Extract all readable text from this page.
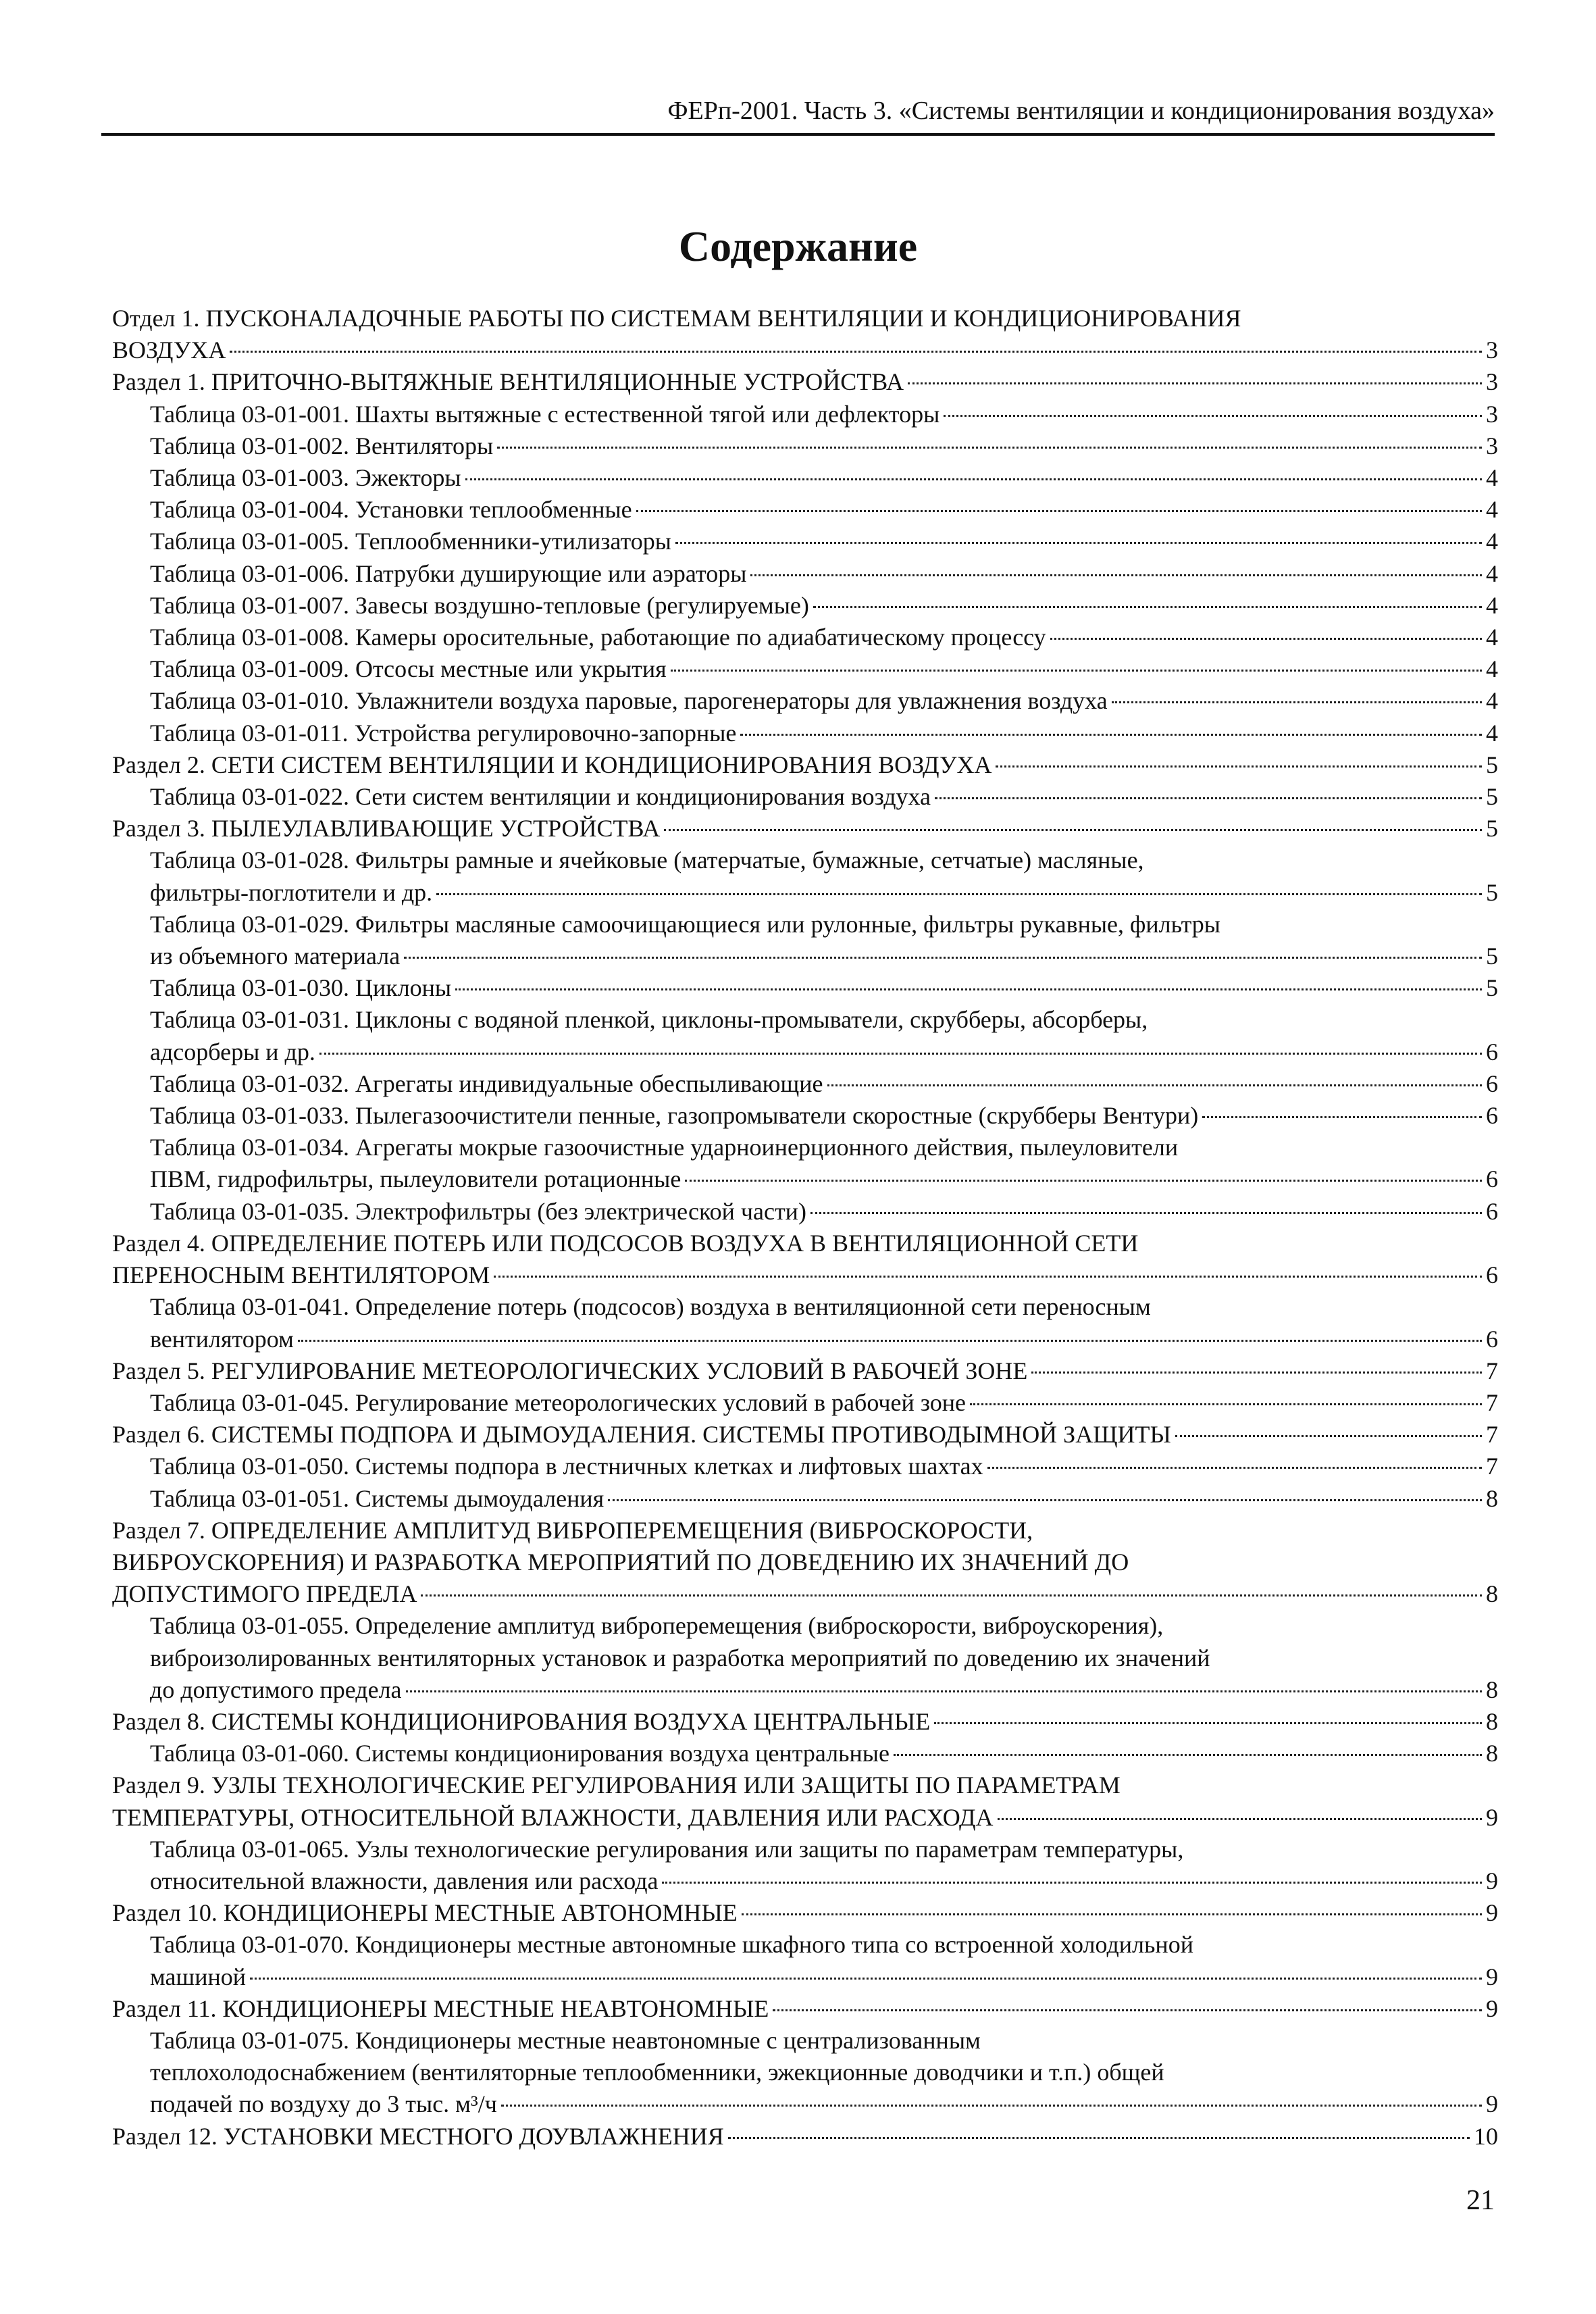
ФЕРп-2001. Часть 3. «Системы вентиляции и кондиционирования воздуха»
Содержание
Отдел 1. ПУСКОНАЛАДОЧНЫЕ РАБОТЫ ПО СИСТЕМАМ ВЕНТИЛЯЦИИ И КОНДИЦИОНИРОВАНИЯ
ВОЗДУХА	3
Раздел 1. ПРИТОЧНО-ВЫТЯЖНЫЕ ВЕНТИЛЯЦИОННЫЕ УСТРОЙСТВА	3
Таблица 03-01-001. Шахты вытяжные с естественной тягой или дефлекторы	3
Таблица 03-01-002. Вентиляторы	3
Таблица 03-01-003. Эжекторы	4
Таблица 03-01-004. Установки теплообменные	4
Таблица 03-01-005. Теплообменники-утилизаторы	4
Таблица 03-01-006. Патрубки душирующие или аэраторы	4
Таблица 03-01-007. Завесы воздушно-тепловые (регулируемые)	4
Таблица 03-01-008. Камеры оросительные, работающие по адиабатическому процессу	4
Таблица 03-01-009. Отсосы местные или укрытия	4
Таблица 03-01-010. Увлажнители воздуха паровые, парогенераторы для увлажнения воздуха	4
Таблица 03-01-011. Устройства регулировочно-запорные	4
Раздел 2. СЕТИ СИСТЕМ ВЕНТИЛЯЦИИ И КОНДИЦИОНИРОВАНИЯ ВОЗДУХА	5
Таблица 03-01-022. Сети систем вентиляции и кондиционирования воздуха	5
Раздел 3. ПЫЛЕУЛАВЛИВАЮЩИЕ УСТРОЙСТВА	5
Таблица 03-01-028. Фильтры рамные и ячейковые (матерчатые, бумажные, сетчатые) масляные,
фильтры-поглотители и др.	5
Таблица 03-01-029. Фильтры масляные самоочищающиеся или рулонные, фильтры рукавные, фильтры
из объемного материала	5
Таблица 03-01-030. Циклоны	5
Таблица 03-01-031. Циклоны с водяной пленкой, циклоны-промыватели, скрубберы, абсорберы,
адсорберы и др.	6
Таблица 03-01-032. Агрегаты индивидуальные обеспыливающие	6
Таблица 03-01-033. Пылегазоочистители пенные, газопромыватели скоростные (скрубберы Вентури)	6
Таблица 03-01-034. Агрегаты мокрые газоочистные ударноинерционного действия, пылеуловители
ПВМ, гидрофильтры, пылеуловители ротационные	6
Таблица 03-01-035. Электрофильтры (без электрической части)	6
Раздел 4. ОПРЕДЕЛЕНИЕ ПОТЕРЬ ИЛИ ПОДСОСОВ ВОЗДУХА В ВЕНТИЛЯЦИОННОЙ СЕТИ
ПЕРЕНОСНЫМ ВЕНТИЛЯТОРОМ	6
Таблица 03-01-041. Определение потерь (подсосов) воздуха в вентиляционной сети переносным
вентилятором	6
Раздел 5. РЕГУЛИРОВАНИЕ МЕТЕОРОЛОГИЧЕСКИХ УСЛОВИЙ В РАБОЧЕЙ ЗОНЕ	7
Таблица 03-01-045. Регулирование метеорологических условий в рабочей зоне	7
Раздел 6. СИСТЕМЫ ПОДПОРА И ДЫМОУДАЛЕНИЯ. СИСТЕМЫ ПРОТИВОДЫМНОЙ ЗАЩИТЫ	7
Таблица 03-01-050. Системы подпора в лестничных клетках и лифтовых шахтах	7
Таблица 03-01-051. Системы дымоудаления	8
Раздел 7. ОПРЕДЕЛЕНИЕ АМПЛИТУД ВИБРОПЕРЕМЕЩЕНИЯ (ВИБРОСКОРОСТИ,
ВИБРОУСКОРЕНИЯ) И РАЗРАБОТКА МЕРОПРИЯТИЙ ПО ДОВЕДЕНИЮ ИХ ЗНАЧЕНИЙ ДО
ДОПУСТИМОГО ПРЕДЕЛА	8
Таблица 03-01-055. Определение амплитуд виброперемещения (виброскорости, виброускорения),
виброизолированных вентиляторных установок и разработка мероприятий по доведению их значений
до допустимого предела	8
Раздел 8. СИСТЕМЫ КОНДИЦИОНИРОВАНИЯ ВОЗДУХА ЦЕНТРАЛЬНЫЕ	8
Таблица 03-01-060. Системы кондиционирования воздуха центральные	8
Раздел 9. УЗЛЫ ТЕХНОЛОГИЧЕСКИЕ РЕГУЛИРОВАНИЯ ИЛИ ЗАЩИТЫ ПО ПАРАМЕТРАМ
ТЕМПЕРАТУРЫ, ОТНОСИТЕЛЬНОЙ ВЛАЖНОСТИ, ДАВЛЕНИЯ ИЛИ РАСХОДА	9
Таблица 03-01-065. Узлы технологические регулирования или защиты по параметрам температуры,
относительной влажности, давления или расхода	9
Раздел 10. КОНДИЦИОНЕРЫ МЕСТНЫЕ АВТОНОМНЫЕ	9
Таблица 03-01-070. Кондиционеры местные автономные шкафного типа со встроенной холодильной
машиной	9
Раздел 11. КОНДИЦИОНЕРЫ МЕСТНЫЕ НЕАВТОНОМНЫЕ	9
Таблица 03-01-075. Кондиционеры местные неавтономные с централизованным
теплохолодоснабжением (вентиляторные теплообменники, эжекционные доводчики и т.п.) общей
подачей по воздуху до 3 тыс. м³/ч	9
Раздел 12. УСТАНОВКИ МЕСТНОГО ДОУВЛАЖНЕНИЯ	10
21
